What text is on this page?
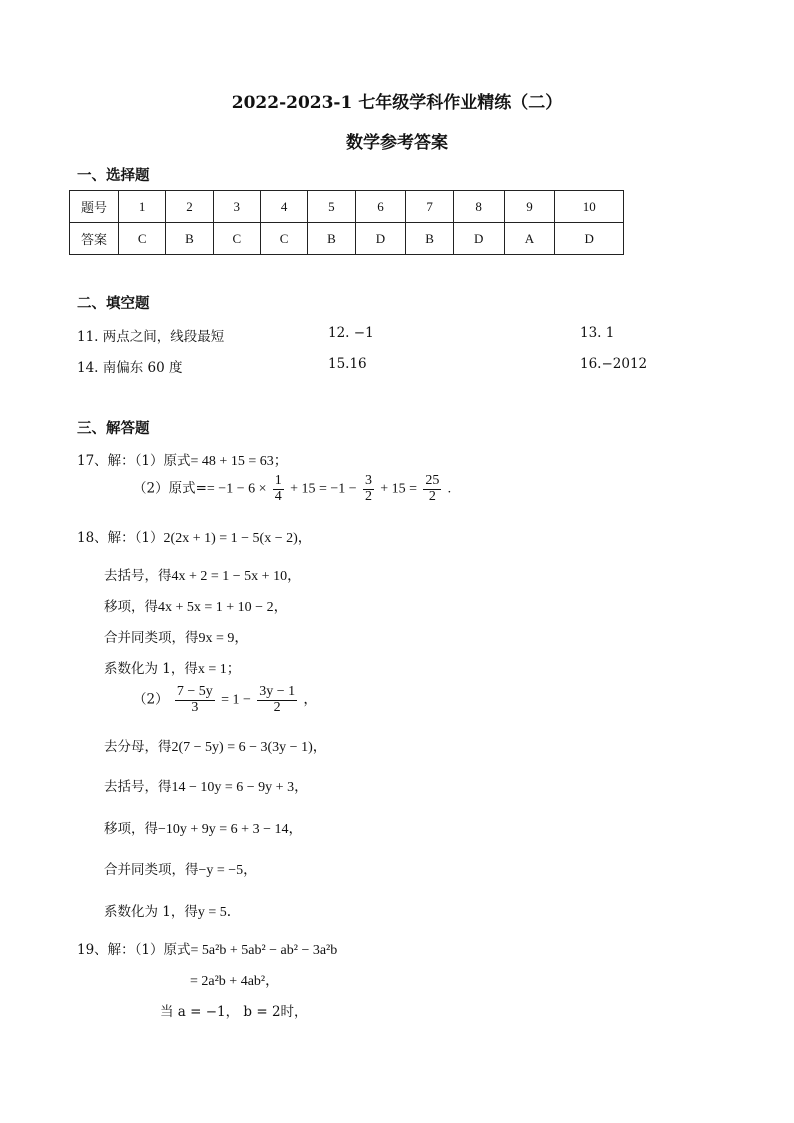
2022-2023-1 七年级学科作业精练（二）
数学参考答案
一、选择题
题号	1	2	3	4	5	6	7	8	9	10
答案	C	B	C	C	B	D	B	D	A	D
二、填空题
11. 两点之间，线段最短	12. −1	13. 1
14. 南偏东 60 度	15.16	16.−2012
三、解答题
17、解：（1）原式= 48 + 15 = 63；
（2）原式== $-1 - 6 \times \frac{1}{4} + 15 = -1 - \frac{3}{2} + 15 = \frac{25}{2}$ .
18、解：（1）2(2x + 1) = 1 − 5(x − 2)，
去括号，得4x + 2 = 1 − 5x + 10，
移项，得4x + 5x = 1 + 10 − 2，
合并同类项，得9x = 9，
系数化为 1，得x = 1；
$(2) \frac{7 - 5y}{3} = 1 - \frac{3y - 1}{2}$ ，
去分母，得2(7 − 5y) = 6 − 3(3y − 1)，
去括号，得14 − 10y = 6 − 9y + 3，
移项，得−10y + 9y = 6 + 3 − 14，
合并同类项，得−y = −5，
系数化为 1，得y = 5．
19、解：（1）原式= 5a²b + 5ab² − ab² − 3a²b
= 2a²b + 4ab²，
当 a = −1， b = 2时，
